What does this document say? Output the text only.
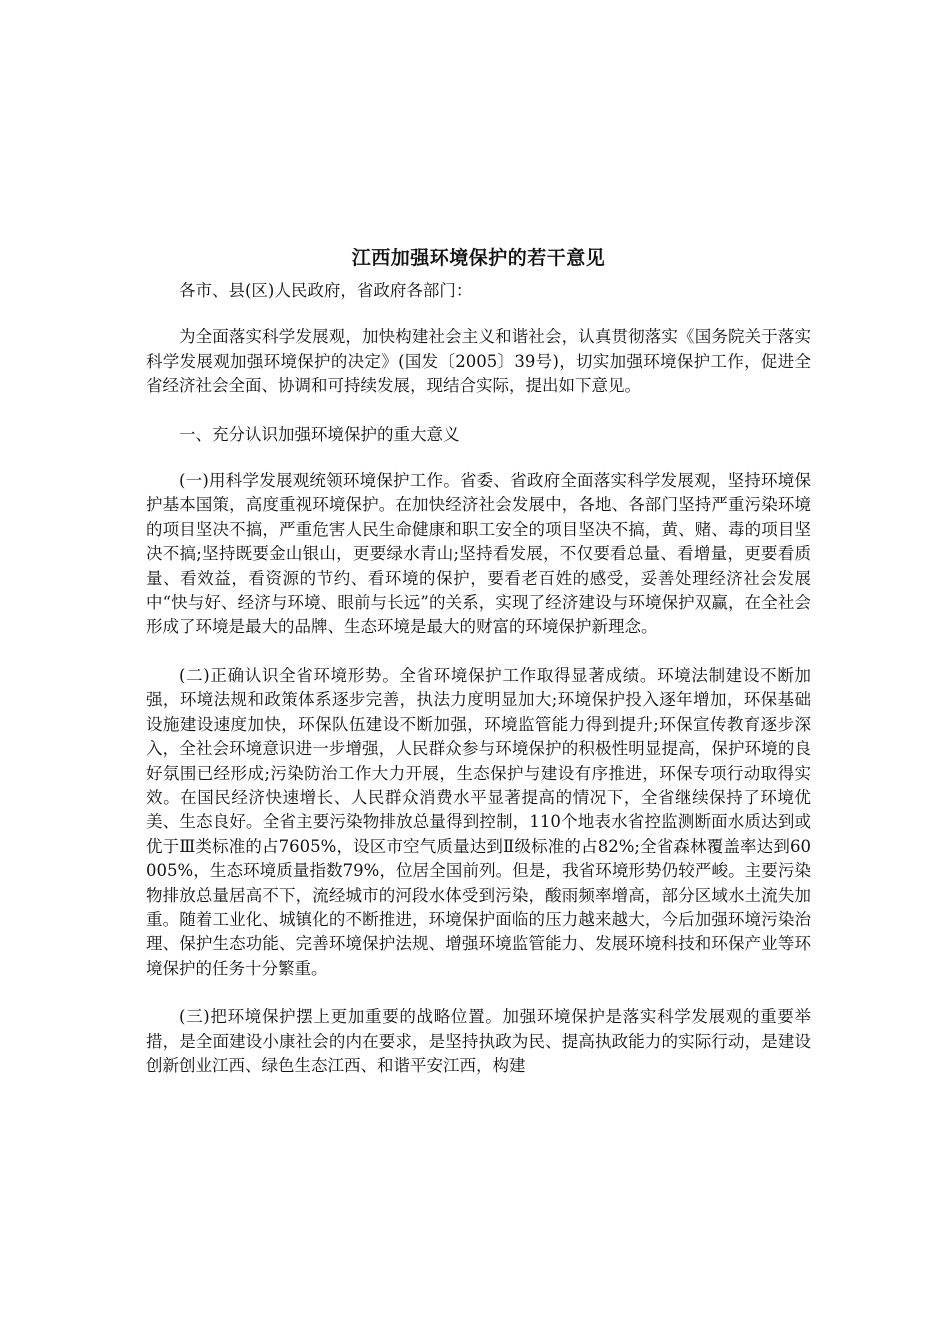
江西加强环境保护的若干意见

各市、县(区)人民政府，省政府各部门：

为全面落实科学发展观，加快构建社会主义和谐社会，认真贯彻落实《国务院关于落实科学发展观加强环境保护的决定》(国发〔2005〕39号)，切实加强环境保护工作，促进全省经济社会全面、协调和可持续发展，现结合实际，提出如下意见。

一、充分认识加强环境保护的重大意义

(一)用科学发展观统领环境保护工作。省委、省政府全面落实科学发展观，坚持环境保护基本国策，高度重视环境保护。在加快经济社会发展中，各地、各部门坚持严重污染环境的项目坚决不搞，严重危害人民生命健康和职工安全的项目坚决不搞，黄、赌、毒的项目坚决不搞;坚持既要金山银山，更要绿水青山;坚持看发展，不仅要看总量、看增量，更要看质量、看效益，看资源的节约、看环境的保护，要看老百姓的感受，妥善处理经济社会发展中“快与好、经济与环境、眼前与长远”的关系，实现了经济建设与环境保护双赢，在全社会形成了环境是最大的品牌、生态环境是最大的财富的环境保护新理念。

(二)正确认识全省环境形势。全省环境保护工作取得显著成绩。环境法制建设不断加强，环境法规和政策体系逐步完善，执法力度明显加大;环境保护投入逐年增加，环保基础设施建设速度加快，环保队伍建设不断加强，环境监管能力得到提升;环保宣传教育逐步深入，全社会环境意识进一步增强，人民群众参与环境保护的积极性明显提高，保护环境的良好氛围已经形成;污染防治工作大力开展，生态保护与建设有序推进，环保专项行动取得实效。在国民经济快速增长、人民群众消费水平显著提高的情况下，全省继续保持了环境优美、生态良好。全省主要污染物排放总量得到控制，110个地表水省控监测断面水质达到或优于Ⅲ类标准的占7605%，设区市空气质量达到Ⅱ级标准的占82%;全省森林覆盖率达到60005%，生态环境质量指数79%，位居全国前列。但是，我省环境形势仍较严峻。主要污染物排放总量居高不下，流经城市的河段水体受到污染，酸雨频率增高，部分区域水土流失加重。随着工业化、城镇化的不断推进，环境保护面临的压力越来越大，今后加强环境污染治理、保护生态功能、完善环境保护法规、增强环境监管能力、发展环境科技和环保产业等环境保护的任务十分繁重。

(三)把环境保护摆上更加重要的战略位置。加强环境保护是落实科学发展观的重要举措，是全面建设小康社会的内在要求，是坚持执政为民、提高执政能力的实际行动，是建设创新创业江西、绿色生态江西、和谐平安江西，构建
